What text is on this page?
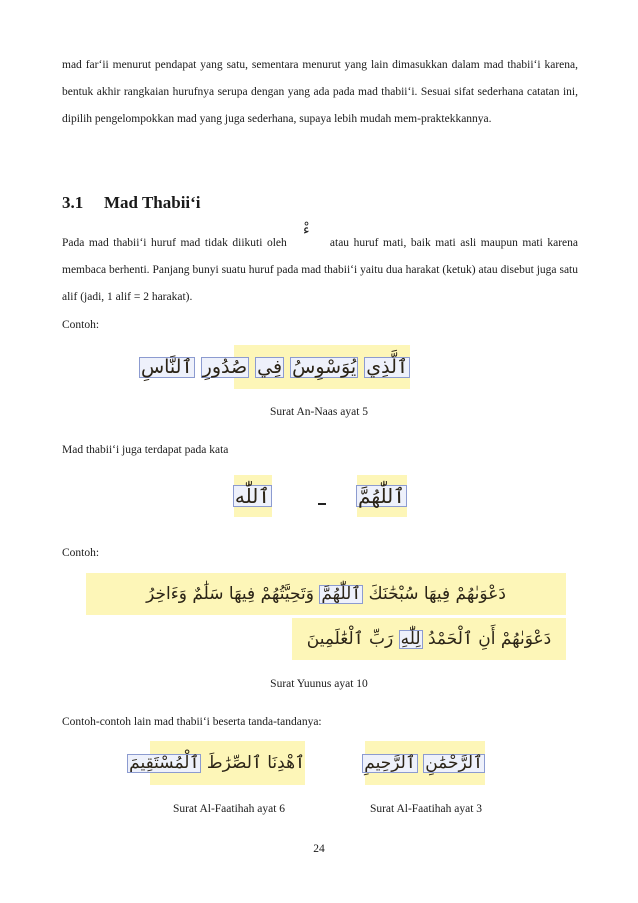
mad far‘ii menurut pendapat yang satu, sementara menurut yang lain dimasukkan dalam mad thabii‘i karena, bentuk akhir rangkaian hurufnya serupa dengan yang ada pada mad thabii‘i. Sesuai sifat sederhana catatan ini, dipilih pengelompokkan mad yang juga sederhana, supaya lebih mudah mem-praktekkannya.
3.1 Mad Thabii‘i
Pada mad thabii‘i huruf mad tidak diikuti oleh	atau huruf mati, baik mati asli maupun mati karena membaca berhenti. Panjang bunyi suatu huruf pada mad thabii‘i yaitu dua harakat (ketuk) atau disebut juga satu alif (jadi, 1 alif = 2 harakat).
ءْ
Contoh:
ٱلَّذِي يُوَسْوِسُ فِي صُدُورِ ٱلنَّاسِ
Surat An-Naas ayat 5
Mad thabii‘i juga terdapat pada kata
ٱللّٰه	ٱللّٰهُمَّ
Contoh:
دَعْوَىٰهُمْ فِيهَا سُبْحَٰنَكَ ٱللّٰهُمَّ وَتَحِيَّتُهُمْ فِيهَا سَلَٰمٌ وَءَاخِرُ
دَعْوَىٰهُمْ أَنِ ٱلْحَمْدُ لِلّٰهِ رَبِّ ٱلْعَٰلَمِينَ
Surat Yuunus ayat 10
Contoh-contoh lain mad thabii‘i beserta tanda-tandanya:
ٱهْدِنَا ٱلصِّرَٰطَ ٱلْمُسْتَقِيمَ	ٱلرَّحْمَٰنِ ٱلرَّحِيمِ
Surat Al-Faatihah ayat 6	Surat Al-Faatihah ayat 3
24
